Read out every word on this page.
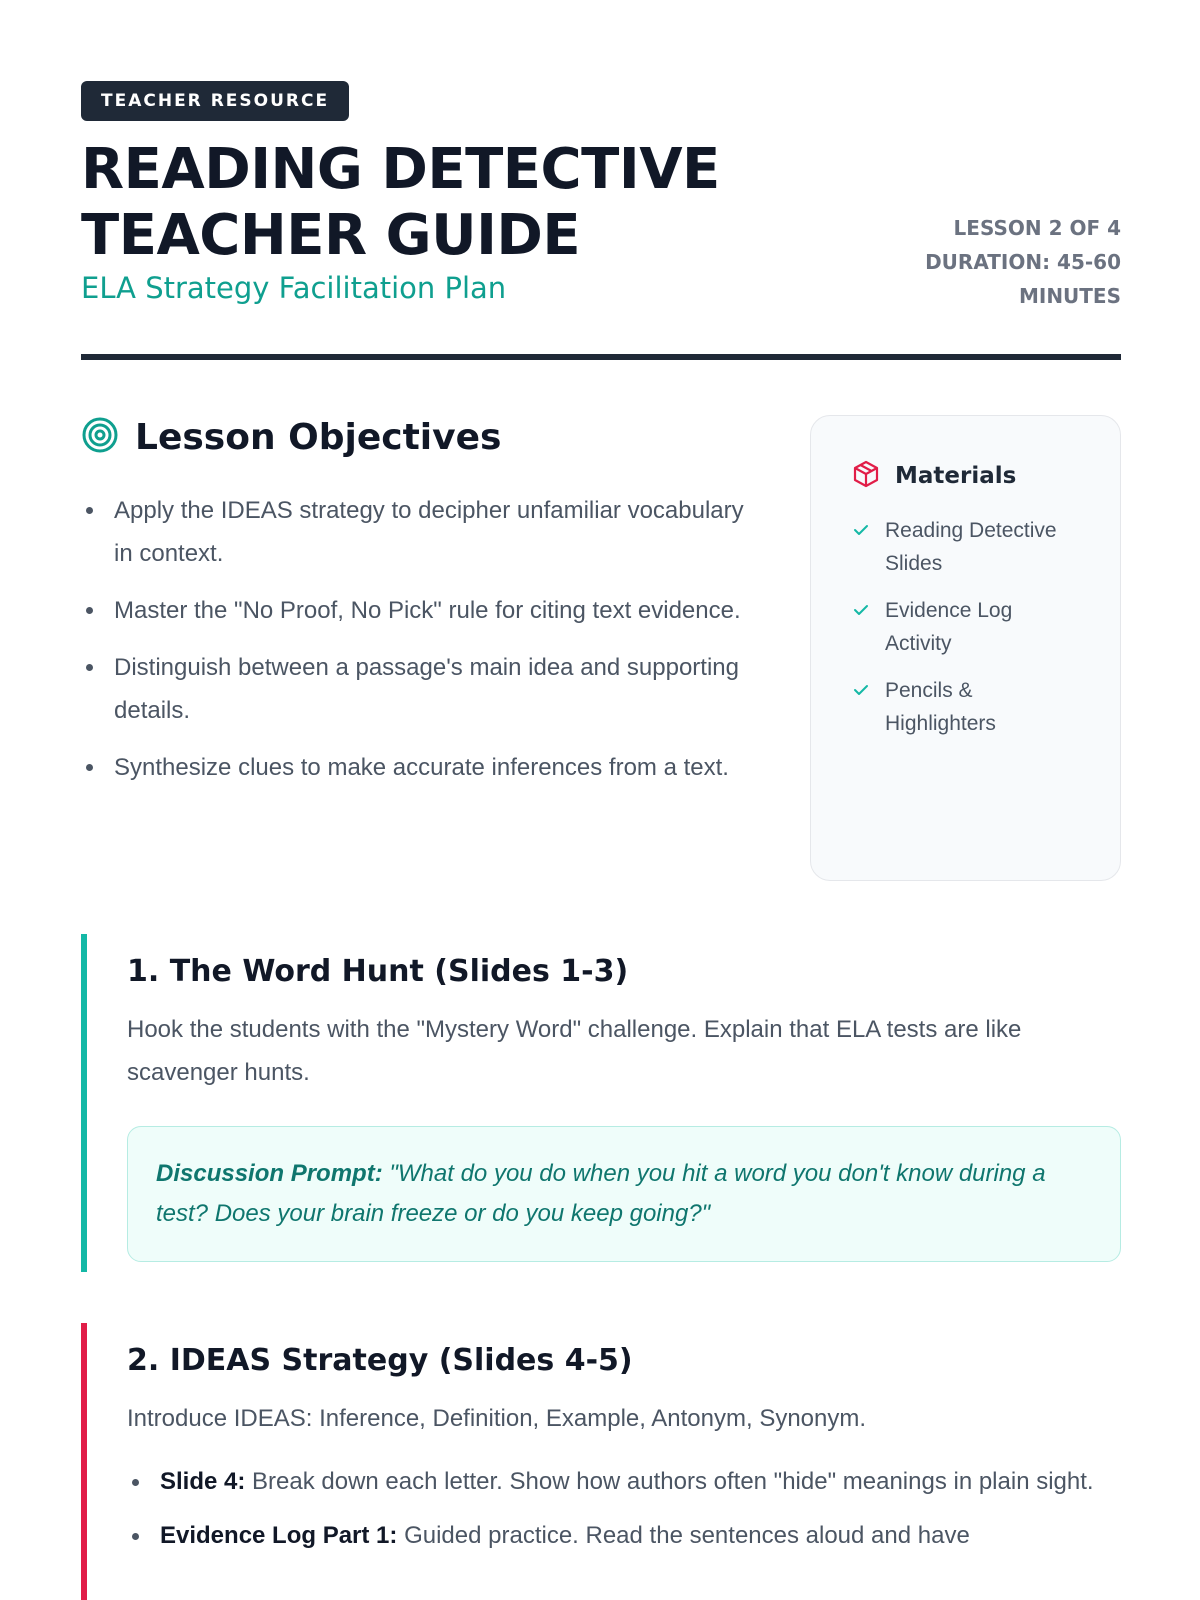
TEACHER RESOURCE
READING DETECTIVE
TEACHER GUIDE
ELA Strategy Facilitation Plan
LESSON 2 OF 4
DURATION: 45-60
MINUTES
Lesson Objectives
Apply the IDEAS strategy to decipher unfamiliar vocabulary in context.
Master the "No Proof, No Pick" rule for citing text evidence.
Distinguish between a passage's main idea and supporting details.
Synthesize clues to make accurate inferences from a text.
Materials
Reading Detective Slides
Evidence Log Activity
Pencils & Highlighters
1. The Word Hunt (Slides 1-3)

Hook the students with the "Mystery Word" challenge. Explain that ELA tests are like scavenger hunts.

Discussion Prompt: "What do you do when you hit a word you don't know during a test? Does your brain freeze or do you keep going?"
2. IDEAS Strategy (Slides 4-5)

Introduce IDEAS: Inference, Definition, Example, Antonym, Synonym.

Slide 4: Break down each letter. Show how authors often "hide" meanings in plain sight.
Evidence Log Part 1: Guided practice. Read the sentences aloud and have
